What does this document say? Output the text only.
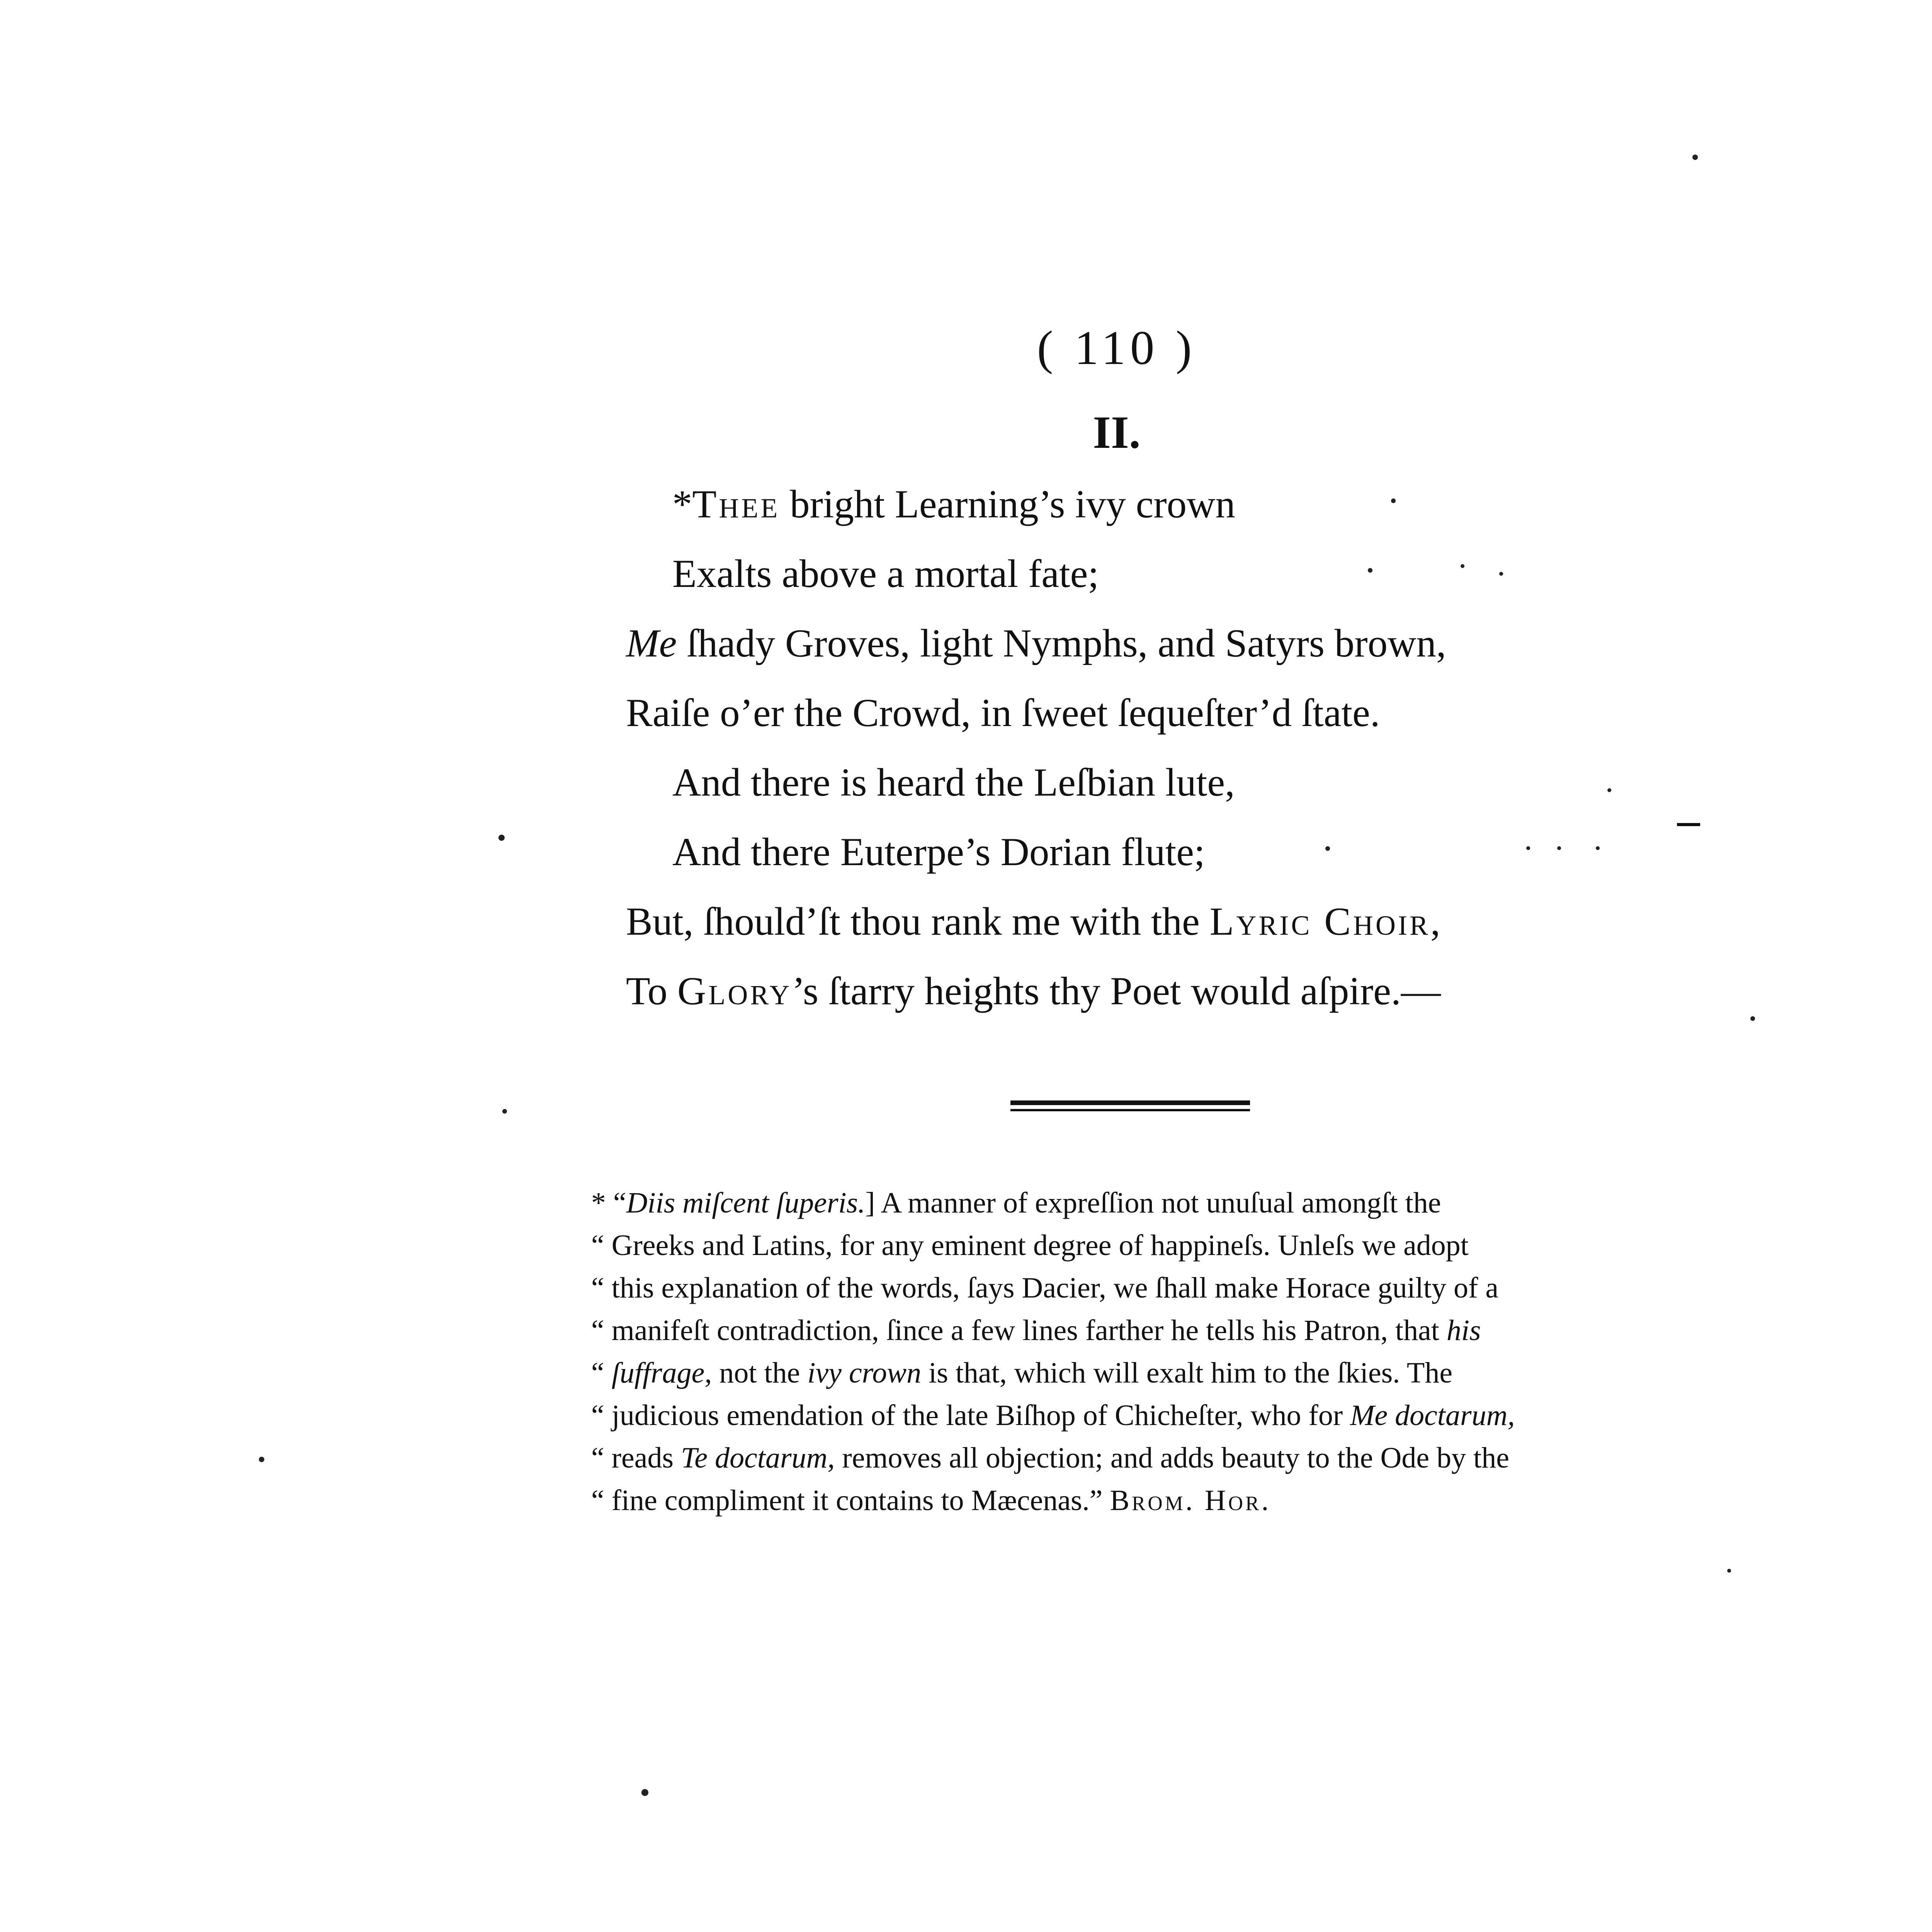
( 110 )
II.
*Thee bright Learning’s ivy crown
Exalts above a mortal fate;
Me ſhady Groves, light Nymphs, and Satyrs brown,
Raiſe o’er the Crowd, in ſweet ſequeſter’d ſtate.
And there is heard the Leſbian lute,
And there Euterpe’s Dorian flute;
But, ſhould’ſt thou rank me with the Lyric Choir,
To Glory’s ſtarry heights thy Poet would aſpire.—
* “Diis miſcent ſuperis.] A manner of expreſſion not unuſual amongſt the
“ Greeks and Latins, for any eminent degree of happineſs. Unleſs we adopt
“ this explanation of the words, ſays Dacier, we ſhall make Horace guilty of a
“ manifeſt contradiction, ſince a few lines farther he tells his Patron, that his
“ ſuffrage, not the ivy crown is that, which will exalt him to the ſkies. The
“ judicious emendation of the late Biſhop of Chicheſter, who for Me doctarum,
“ reads Te doctarum, removes all objection; and adds beauty to the Ode by the
“ fine compliment it contains to Mæcenas.” Brom. Hor.
